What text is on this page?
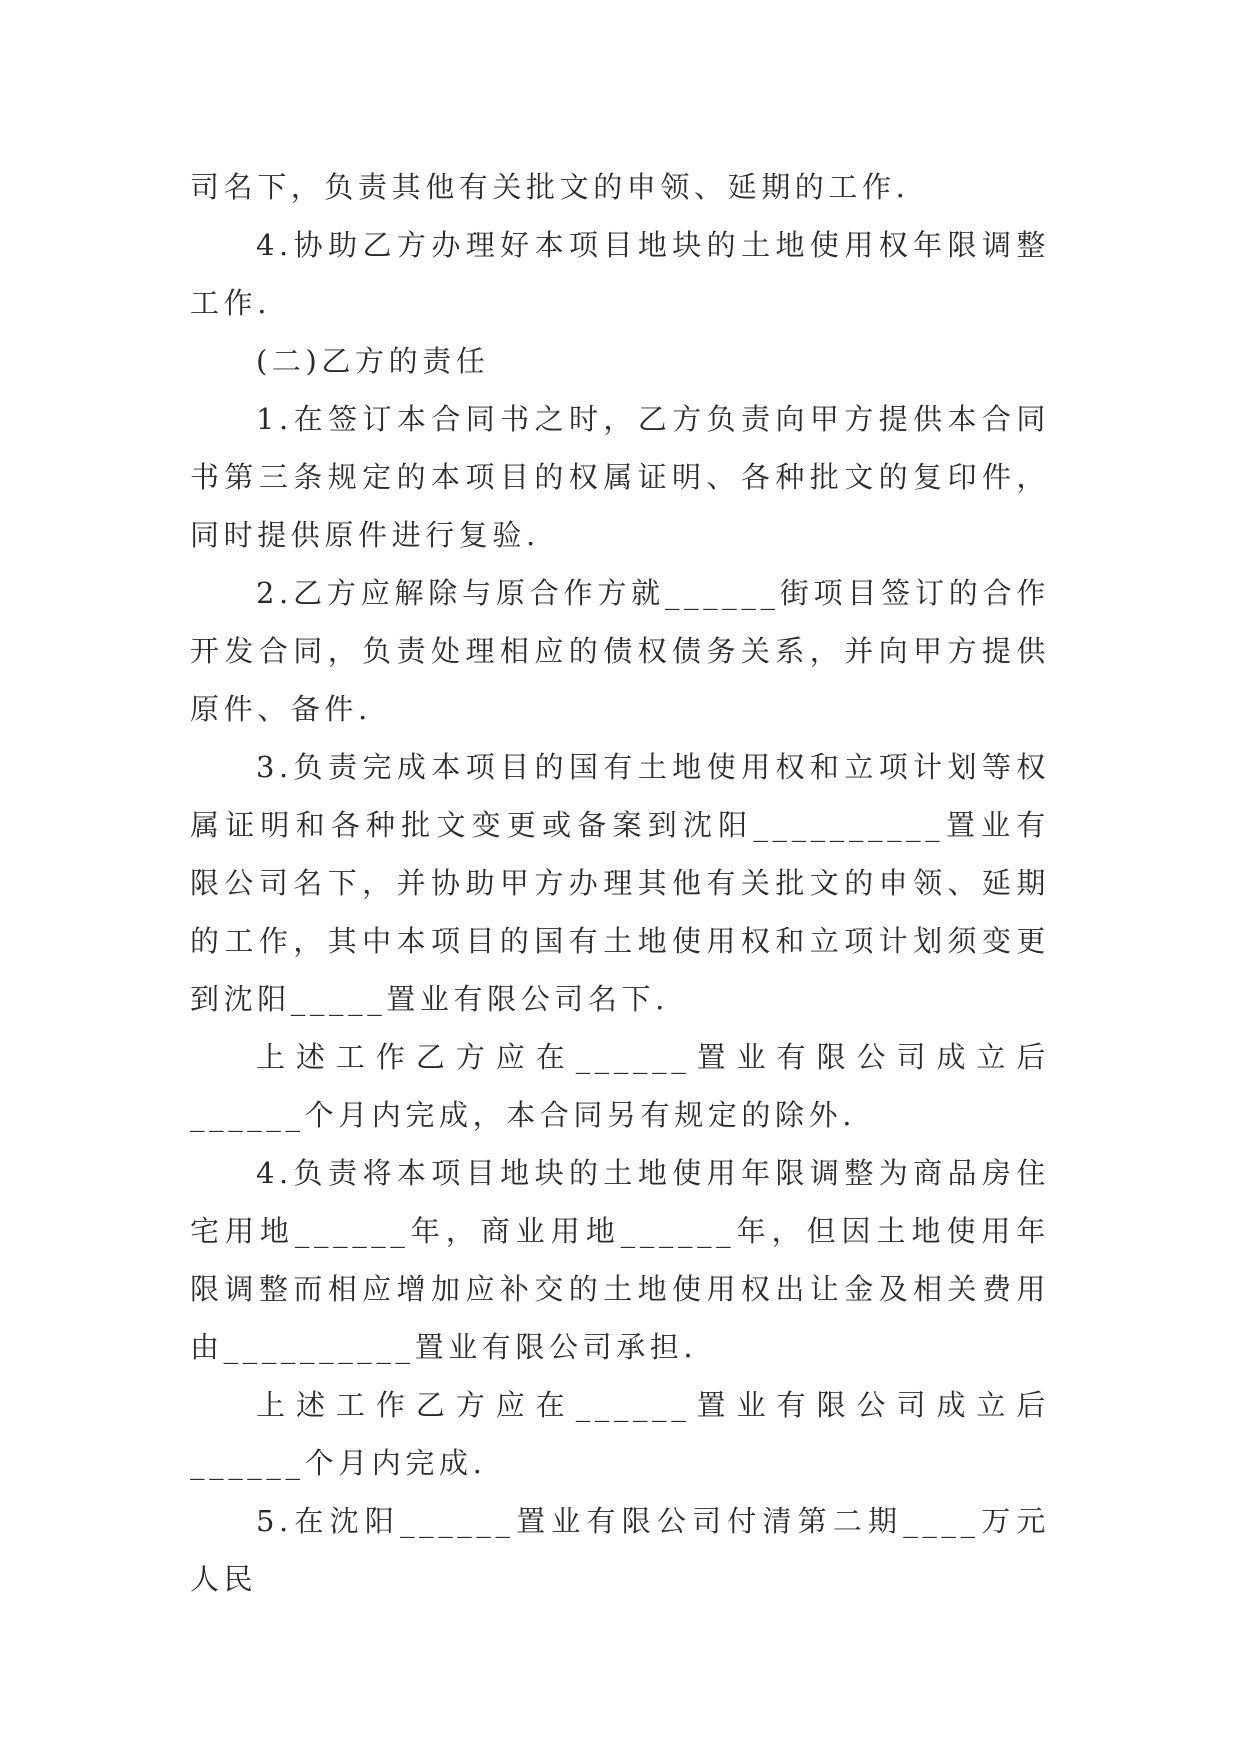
司名下，负责其他有关批文的申领、延期的工作.

4.协助乙方办理好本项目地块的土地使用权年限调整工作.

(二)乙方的责任

1.在签订本合同书之时，乙方负责向甲方提供本合同书第三条规定的本项目的权属证明、各种批文的复印件，同时提供原件进行复验.

2.乙方应解除与原合作方就______街项目签订的合作开发合同，负责处理相应的债权债务关系，并向甲方提供原件、备件.

3.负责完成本项目的国有土地使用权和立项计划等权属证明和各种批文变更或备案到沈阳__________置业有限公司名下，并协助甲方办理其他有关批文的申领、延期的工作，其中本项目的国有土地使用权和立项计划须变更到沈阳_____置业有限公司名下.

上述工作乙方应在______置业有限公司成立后______个月内完成，本合同另有规定的除外.

4.负责将本项目地块的土地使用年限调整为商品房住宅用地______年，商业用地______年，但因土地使用年限调整而相应增加应补交的土地使用权出让金及相关费用由__________置业有限公司承担.

上述工作乙方应在______置业有限公司成立后______个月内完成.

5.在沈阳______置业有限公司付清第二期____万元人民
